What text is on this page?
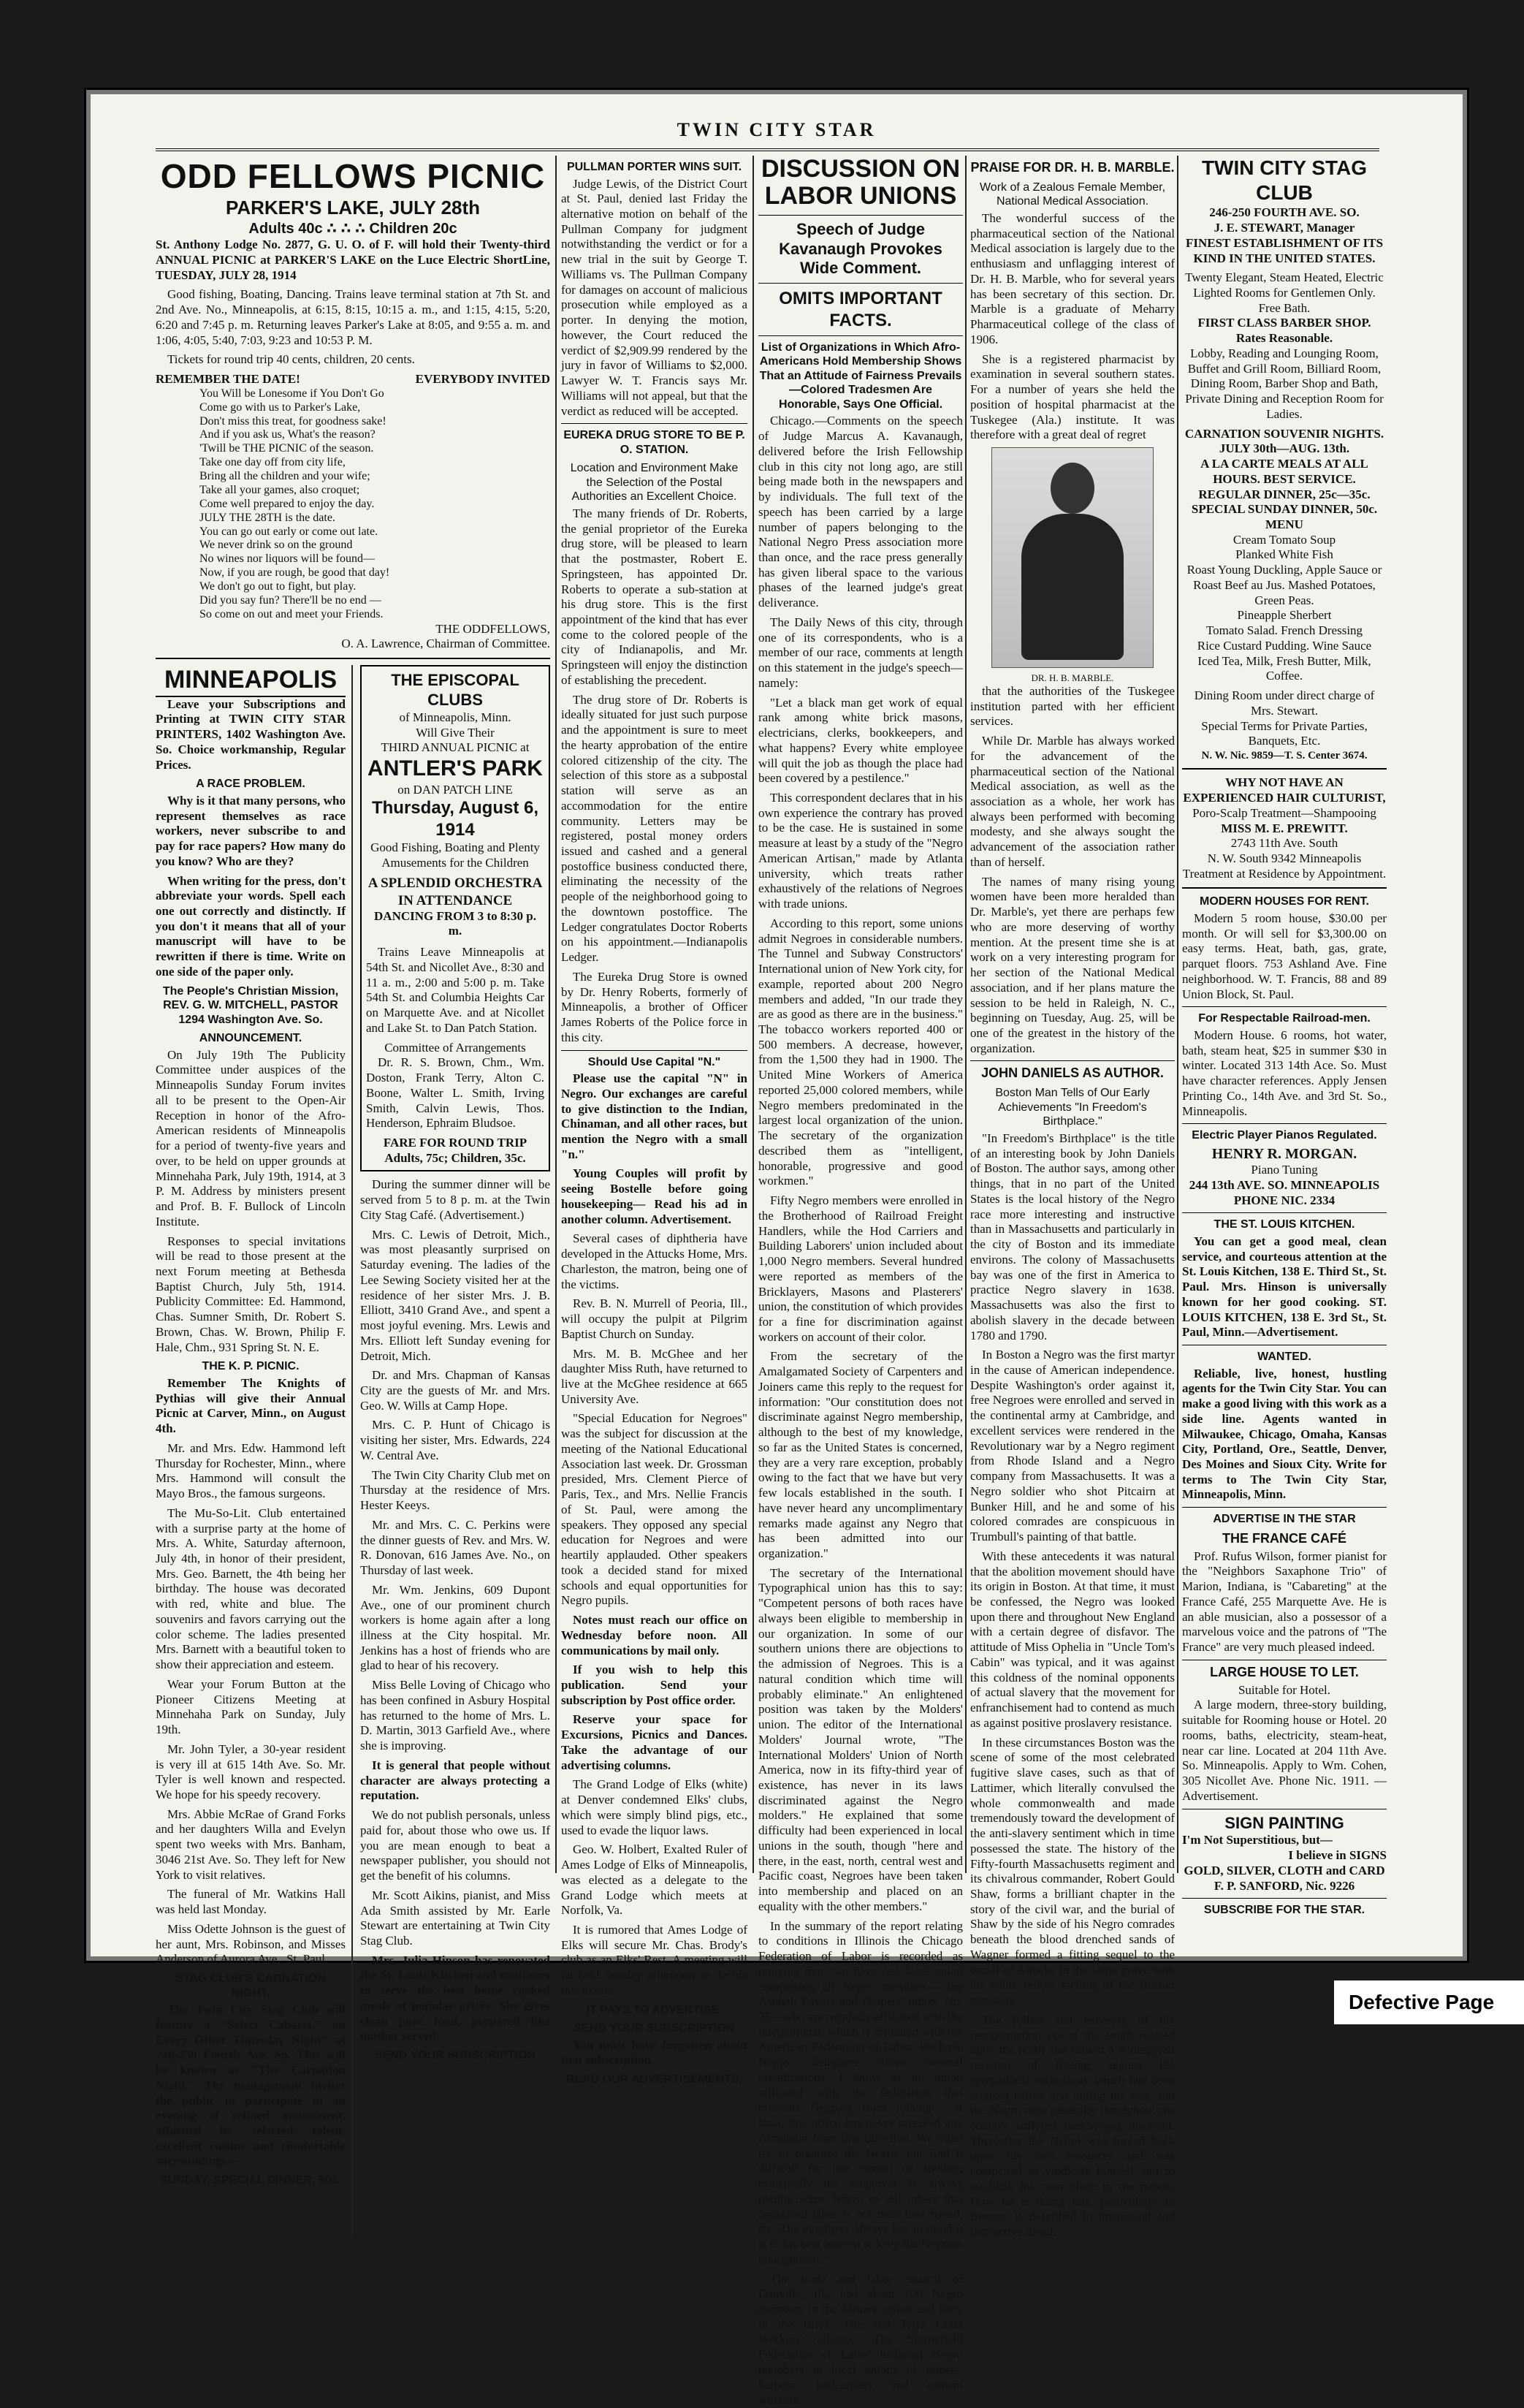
TWIN CITY STAR
ODD FELLOWS PICNIC
PARKER'S LAKE, JULY 28th
Adults 40c ∴ ∴ ∴ Children 20c

St. Anthony Lodge No. 2877, G. U. O. of F. will hold their Twenty-third ANNUAL PICNIC at PARKER'S LAKE on the Luce Electric ShortLine, TUESDAY, JULY 28, 1914

Good fishing, Boating, Dancing. Trains leave terminal station at 7th St. and 2nd Ave. No., Minneapolis, at 6:15, 8:15, 10:15 a. m., and 1:15, 4:15, 5:20, 6:20 and 7:45 p. m. Returning leaves Parker's Lake at 8:05, and 9:55 a. m. and 1:06, 4:05, 5:40, 7:03, 9:23 and 10:53 P. M.

Tickets for round trip 40 cents, children, 20 cents.

REMEMBER THE DATE!	EVERYBODY INVITED
You Will be Lonesome if You Don't Go
Come go with us to Parker's Lake,
Don't miss this treat, for goodness sake!
And if you ask us, What's the reason?
'Twill be THE PICNIC of the season.
Take one day off from city life,
Bring all the children and your wife;
Take all your games, also croquet;
Come well prepared to enjoy the day.
JULY THE 28TH is the date.
You can go out early or come out late.
We never drink so on the ground
No wines nor liquors will be found—
Now, if you are rough, be good that day!
We don't go out to fight, but play.
Did you say fun? There'll be no end —
So come on out and meet your Friends.
THE ODDFELLOWS,
O. A. Lawrence, Chairman of Committee.
MINNEAPOLIS

Leave your Subscriptions and Printing at TWIN CITY STAR PRINTERS, 1402 Washington Ave. So. Choice workmanship, Regular Prices.

A RACE PROBLEM.

Why is it that many persons, who represent themselves as race workers, never subscribe to and pay for race papers? How many do you know? Who are they?

When writing for the press, don't abbreviate your words. Spell each one out correctly and distinctly. If you don't it means that all of your manuscript will have to be rewritten if there is time. Write on one side of the paper only.

The People's Christian Mission, REV. G. W. MITCHELL, PASTOR 1294 Washington Ave. So.
ANNOUNCEMENT.

On July 19th The Publicity Committee under auspices of the Minneapolis Sunday Forum invites all to be present to the Open-Air Reception in honor of the Afro-American residents of Minneapolis for a period of twenty-five years and over, to be held on upper grounds at Minnehaha Park, July 19th, 1914, at 3 P. M. Address by ministers present and Prof. B. F. Bullock of Lincoln Institute.

Responses to special invitations will be read to those present at the next Forum meeting at Bethesda Baptist Church, July 5th, 1914. Publicity Committee: Ed. Hammond, Chas. Sumner Smith, Dr. Robert S. Brown, Chas. W. Brown, Philip F. Hale, Chm., 931 Spring St. N. E.

THE K. P. PICNIC.

Remember The Knights of Pythias will give their Annual Picnic at Carver, Minn., on August 4th.

Mr. and Mrs. Edw. Hammond left Thursday for Rochester, Minn., where Mrs. Hammond will consult the Mayo Bros., the famous surgeons.

The Mu-So-Lit. Club entertained with a surprise party at the home of Mrs. A. White, Saturday afternoon, July 4th, in honor of their president, Mrs. Geo. Barnett, the 4th being her birthday. The house was decorated with red, white and blue. The souvenirs and favors carrying out the color scheme. The ladies presented Mrs. Barnett with a beautiful token to show their appreciation and esteem.

Wear your Forum Button at the Pioneer Citizens Meeting at Minnehaha Park on Sunday, July 19th.

Mr. John Tyler, a 30-year resident is very ill at 615 14th Ave. So. Mr. Tyler is well known and respected. We hope for his speedy recovery.

Mrs. Abbie McRae of Grand Forks and her daughters Willa and Evelyn spent two weeks with Mrs. Banham, 3046 21st Ave. So. They left for New York to visit relatives.

The funeral of Mr. Watkins Hall was held last Monday.

Miss Odette Johnson is the guest of her aunt, Mrs. Robinson, and Misses Anderson of Aurora Ave., St. Paul.

STAG CLUB'S CARNATION NIGHT.

The Twin City Stag Club will feature a "Select Cabaret," on Every Other Thursday Night" at 246-250 Fourth Ave. So. This will be known as "The Carnation Night." The management invites the public to participate in an evening of refined amusement, afforded by selected talent, excellent cuisine and comfortable surroundings—

SUNDAY, SPECIAL DINNER, 50c.
THE EPISCOPAL CLUBS
of Minneapolis, Minn.
Will Give Their
THIRD ANNUAL PICNIC at
ANTLER'S PARK
on DAN PATCH LINE
Thursday, August 6, 1914
Good Fishing, Boating and Plenty Amusements for the Children
A SPLENDID ORCHESTRA IN ATTENDANCE
DANCING FROM 3 to 8:30 p. m.

Trains Leave Minneapolis at 54th St. and Nicollet Ave., 8:30 and 11 a. m., 2:00 and 5:00 p. m. Take 54th St. and Columbia Heights Car on Marquette Ave. and at Nicollet and Lake St. to Dan Patch Station.

Committee of Arrangements

Dr. R. S. Brown, Chm., Wm. Doston, Frank Terry, Alton C. Boone, Walter L. Smith, Irving Smith, Calvin Lewis, Thos. Henderson, Ephraim Bludsoe.

FARE FOR ROUND TRIP
Adults, 75c; Children, 35c.

During the summer dinner will be served from 5 to 8 p. m. at the Twin City Stag Café. (Advertisement.)

Mrs. C. Lewis of Detroit, Mich., was most pleasantly surprised on Saturday evening. The ladies of the Lee Sewing Society visited her at the residence of her sister Mrs. J. B. Elliott, 3410 Grand Ave., and spent a most joyful evening. Mrs. Lewis and Mrs. Elliott left Sunday evening for Detroit, Mich.

Dr. and Mrs. Chapman of Kansas City are the guests of Mr. and Mrs. Geo. W. Wills at Camp Hope.

Mrs. C. P. Hunt of Chicago is visiting her sister, Mrs. Edwards, 224 W. Central Ave.

The Twin City Charity Club met on Thursday at the residence of Mrs. Hester Keeys.

Mr. and Mrs. C. C. Perkins were the dinner guests of Rev. and Mrs. W. R. Donovan, 616 James Ave. No., on Thursday of last week.

Mr. Wm. Jenkins, 609 Dupont Ave., one of our prominent church workers is home again after a long illness at the City hospital. Mr. Jenkins has a host of friends who are glad to hear of his recovery.

Miss Belle Loving of Chicago who has been confined in Asbury Hospital has returned to the home of Mrs. L. D. Martin, 3013 Garfield Ave., where she is improving.

It is general that people without character are always protecting a reputation.

We do not publish personals, unless paid for, about those who owe us. If you are mean enough to beat a newspaper publisher, you should not get the benefit of his columns.

Mr. Scott Aikins, pianist, and Miss Ada Smith assisted by Mr. Earle Stewart are entertaining at Twin City Stag Club.

Mrs. Julia Hinson has renovated the St. Louis Kitchen and continues to serve the best home cooked meals at popular prices. She gives clean pure food, prepared like mother served.

SEND YOUR SUBSCRIPTION
PULLMAN PORTER WINS SUIT.

Judge Lewis, of the District Court at St. Paul, denied last Friday the alternative motion on behalf of the Pullman Company for judgment notwithstanding the verdict or for a new trial in the suit by George T. Williams vs. The Pullman Company for damages on account of malicious prosecution while employed as a porter. In denying the motion, however, the Court reduced the verdict of $2,909.99 rendered by the jury in favor of Williams to $2,000. Lawyer W. T. Francis says Mr. Williams will not appeal, but that the verdict as reduced will be accepted.

EUREKA DRUG STORE TO BE P. O. STATION.
Location and Environment Make the Selection of the Postal Authorities an Excellent Choice.

The many friends of Dr. Roberts, the genial proprietor of the Eureka drug store, will be pleased to learn that the postmaster, Robert E. Springsteen, has appointed Dr. Roberts to operate a sub-station at his drug store. This is the first appointment of the kind that has ever come to the colored people of the city of Indianapolis, and Mr. Springsteen will enjoy the distinction of establishing the precedent.

The drug store of Dr. Roberts is ideally situated for just such purpose and the appointment is sure to meet the hearty approbation of the entire colored citizenship of the city. The selection of this store as a subpostal station will serve as an accommodation for the entire community. Letters may be registered, postal money orders issued and cashed and a general postoffice business conducted there, eliminating the necessity of the people of the neighborhood going to the downtown postoffice. The Ledger congratulates Doctor Roberts on his appointment.—Indianapolis Ledger.

The Eureka Drug Store is owned by Dr. Henry Roberts, formerly of Minneapolis, a brother of Officer James Roberts of the Police force in this city.

Should Use Capital "N."

Please use the capital "N" in Negro. Our exchanges are careful to give distinction to the Indian, Chinaman, and all other races, but mention the Negro with a small "n."

Young Couples will profit by seeing Bostelle before going housekeeping— Read his ad in another column. Advertisement.

Several cases of diphtheria have developed in the Attucks Home, Mrs. Charleston, the matron, being one of the victims.

Rev. B. N. Murrell of Peoria, Ill., will occupy the pulpit at Pilgrim Baptist Church on Sunday.

Mrs. M. B. McGhee and her daughter Miss Ruth, have returned to live at the McGhee residence at 665 University Ave.

"Special Education for Negroes" was the subject for discussion at the meeting of the National Educational Association last week. Dr. Grossman presided, Mrs. Clement Pierce of Paris, Tex., and Mrs. Nellie Francis of St. Paul, were among the speakers. They opposed any special education for Negroes and were heartily applauded. Other speakers took a decided stand for mixed schools and equal opportunities for Negro pupils.

Notes must reach our office on Wednesday before noon. All communications by mail only.

If you wish to help this publication. Send your subscription by Post office order.

Reserve your space for Excursions, Picnics and Dances. Take the advantage of our advertising columns.

The Grand Lodge of Elks (white) at Denver condemned Elks' clubs, which were simply blind pigs, etc., used to evade the liquor laws.

Geo. W. Holbert, Exalted Ruler of Ames Lodge of Elks of Minneapolis, was elected as a delegate to the Grand Lodge which meets at Norfolk, Va.

It is rumored that Ames Lodge of Elks will secure Mr. Chas. Brody's club as an Elks' Rest. A meeting will be held Sunday afternoon to decide this matter.

IT PAYS TO ADVERTISE.
SEND YOUR SUBSCRIPTION

You must have forgotten about that subscription.

READ OUR ADVERTISEMENTS.
DISCUSSION ON
LABOR UNIONS
Speech of Judge Kavanaugh Provokes Wide Comment.
OMITS IMPORTANT FACTS.
List of Organizations in Which Afro-Americans Hold Membership Shows That an Attitude of Fairness Prevails—Colored Tradesmen Are Honorable, Says One Official.

Chicago.—Comments on the speech of Judge Marcus A. Kavanaugh, delivered before the Irish Fellowship club in this city not long ago, are still being made both in the newspapers and by individuals. The full text of the speech has been carried by a large number of papers belonging to the National Negro Press association more than once, and the race press generally has given liberal space to the various phases of the learned judge's great deliverance.

The Daily News of this city, through one of its correspondents, who is a member of our race, comments at length on this statement in the judge's speech—namely:

"Let a black man get work of equal rank among white brick masons, electricians, clerks, bookkeepers, and what happens? Every white employee will quit the job as though the place had been covered by a pestilence."

This correspondent declares that in his own experience the contrary has proved to be the case. He is sustained in some measure at least by a study of the "Negro American Artisan," made by Atlanta university, which treats rather exhaustively of the relations of Negroes with trade unions.

According to this report, some unions admit Negroes in considerable numbers. The Tunnel and Subway Constructors' International union of New York city, for example, reported about 200 Negro members and added, "In our trade they are as good as there are in the business." The tobacco workers reported 400 or 500 members. A decrease, however, from the 1,500 they had in 1900. The United Mine Workers of America reported 25,000 colored members, while Negro members predominated in the largest local organization of the union. The secretary of the organization described them as "intelligent, honorable, progressive and good workmen."

Fifty Negro members were enrolled in the Brotherhood of Railroad Freight Handlers, while the Hod Carriers and Building Laborers' union included about 1,000 Negro members. Several hundred were reported as members of the Bricklayers, Masons and Plasterers' union, the constitution of which provides for a fine for discrimination against workers on account of their color.

From the secretary of the Amalgamated Society of Carpenters and Joiners came this reply to the request for information: "Our constitution does not discriminate against Negro membership, although to the best of my knowledge, so far as the United States is concerned, they are a very rare exception, probably owing to the fact that we have but very few locals established in the south. I have never heard any uncomplimentary remarks made against any Negro that has been admitted into our organization."

The secretary of the International Typographical union has this to say: "Competent persons of both races have always been eligible to membership in our organization. In some of our southern unions there are objections to the admission of Negroes. This is a natural condition which time will probably eliminate." An enlightened position was taken by the Molders' union. The editor of the International Molders' Journal wrote, "The International Molders' Union of North America, now in its fifty-third year of existence, has never in its laws discriminated against the Negro molders." He explained that some difficulty had been experienced in local unions in the south, though "here and there, in the east, north, central west and Pacific coast, Negroes have been taken into membership and placed on an equality with the other members."

In the summary of the report relating to conditions in Illinois the Chicago Federation of Labor is recorded as replying that "we have one local union comprising all Negro members— the Asphalt Pavers and Helpers' union. No. 25—who are regularly affiliated with the international, which is affiliated with the American Federation of Labor. We have Negro delegates from several organizations. I know of no union affiliated with the federation that prevents Negroes from joining— at least, this office has never received any complaint from that direction. We often try to organize the Negro, but find it difficult for one reason or another; principally the employer is always getting some Negro to tell others that organized labor is not their best friend, etc. The employer always has in mind it is to his best interest to keep the Negroes unorganized."

The trade and labor council of Danville, Ill., had about 700 Negro members in the Miners' union and forty in the Brick, Tile and Terra Cotta Workers' alliance. The Springfield Federation of Labor included Negro members in local unions of miners, barbers, hodcarriers and cement workers.

PRAISE FOR DR. H. B. MARBLE.
Work of a Zealous Female Member, National Medical Association.

The wonderful success of the pharmaceutical section of the National Medical association is largely due to the enthusiasm and unflagging interest of Dr. H. B. Marble, who for several years has been secretary of this section. Dr. Marble is a graduate of Meharry Pharmaceutical college of the class of 1906.

She is a registered pharmacist by examination in several southern states. For a number of years she held the position of hospital pharmacist at the Tuskegee (Ala.) institute. It was therefore with a great deal of regret

DR. H. B. MARBLE.

that the authorities of the Tuskegee institution parted with her efficient services.

While Dr. Marble has always worked for the advancement of the pharmaceutical section of the National Medical association, as well as the association as a whole, her work has always been performed with becoming modesty, and she always sought the advancement of the association rather than of herself.

The names of many rising young women have been more heralded than Dr. Marble's, yet there are perhaps few who are more deserving of worthy mention. At the present time she is at work on a very interesting program for her section of the National Medical association, and if her plans mature the session to be held in Raleigh, N. C., beginning on Tuesday, Aug. 25, will be one of the greatest in the history of the organization.

JOHN DANIELS AS AUTHOR.
Boston Man Tells of Our Early Achievements "In Freedom's Birthplace."

"In Freedom's Birthplace" is the title of an interesting book by John Daniels of Boston. The author says, among other things, that in no part of the United States is the local history of the Negro race more interesting and instructive than in Massachusetts and particularly in the city of Boston and its immediate environs. The colony of Massachusetts bay was one of the first in America to practice Negro slavery in 1638. Massachusetts was also the first to abolish slavery in the decade between 1780 and 1790.

In Boston a Negro was the first martyr in the cause of American independence. Despite Washington's order against it, free Negroes were enrolled and served in the continental army at Cambridge, and excellent services were rendered in the Revolutionary war by a Negro regiment from Rhode Island and a Negro company from Massachusetts. It was a Negro soldier who shot Pitcairn at Bunker Hill, and he and some of his colored comrades are conspicuous in Trumbull's painting of that battle.

With these antecedents it was natural that the abolition movement should have its origin in Boston. At that time, it must be confessed, the Negro was looked upon there and throughout New England with a certain degree of disfavor. The attitude of Miss Ophelia in "Uncle Tom's Cabin" was typical, and it was against this coldness of the nominal opponents of actual slavery that the movement for enfranchisement had to contend as much as against positive proslavery resistance.

In these circumstances Boston was the scene of some of the most celebrated fugitive slave cases, such as that of Lattimer, which literally convulsed the whole commonwealth and made tremendously toward the development of the anti-slavery sentiment which in time possessed the state. The history of the Fifty-fourth Massachusetts regiment and its chivalrous commander, Robert Gould Shaw, forms a brilliant chapter in the story of the civil war, and the burial of Shaw by the side of his Negro comrades beneath the blood drenched sands of Wagner formed a fitting sequel to the burial of Attucks in the same grave with his white fellow victims of the Boston massacre.

The follies and excesses of the reconstruction era at the south reacted upon the north and caused a widespread revision of feeling against the sympathetic enthusiasm which had been aroused before and during the war, and the Negro race generally throughout the country suffered undeserved discredit. Thereafter the Negro was forced back upon his own resources and was compelled to vindicate himself and to establish his own place in the nation. How he is doing this, particularly in Boston, is described in interesting and instructive detail.

TWIN CITY STAG CLUB
246-250 FOURTH AVE. SO.
J. E. STEWART, Manager
FINEST ESTABLISHMENT OF ITS KIND IN THE UNITED STATES.
Twenty Elegant, Steam Heated, Electric Lighted Rooms for Gentlemen Only. Free Bath.
FIRST CLASS BARBER SHOP. Rates Reasonable.
Lobby, Reading and Lounging Room, Buffet and Grill Room, Billiard Room, Dining Room, Barber Shop and Bath, Private Dining and Reception Room for Ladies.
CARNATION SOUVENIR NIGHTS. JULY 30th—AUG. 13th.
A LA CARTE MEALS AT ALL HOURS. BEST SERVICE.
REGULAR DINNER, 25c—35c.
SPECIAL SUNDAY DINNER, 50c.
MENU
Cream Tomato Soup
Planked White Fish
Roast Young Duckling, Apple Sauce or Roast Beef au Jus. Mashed Potatoes, Green Peas.
Pineapple Sherbert
Tomato Salad. French Dressing
Rice Custard Pudding. Wine Sauce
Iced Tea, Milk, Fresh Butter, Milk, Coffee.
Dining Room under direct charge of Mrs. Stewart.
Special Terms for Private Parties, Banquets, Etc.
N. W. Nic. 9859—T. S. Center 3674.
WHY NOT HAVE AN EXPERIENCED HAIR CULTURIST,
Poro-Scalp Treatment—Shampooing
MISS M. E. PREWITT.
2743 11th Ave. South
N. W. South 9342 Minneapolis Treatment at Residence by Appointment.
MODERN HOUSES FOR RENT.

Modern 5 room house, $30.00 per month. Or will sell for $3,300.00 on easy terms. Heat, bath, gas, grate, parquet floors. 753 Ashland Ave. Fine neighborhood. W. T. Francis, 88 and 89 Union Block, St. Paul.

For Respectable Railroad-men.

Modern House. 6 rooms, hot water, bath, steam heat, $25 in summer $30 in winter. Located 313 14th Ace. So. Must have character references. Apply Jensen Printing Co., 14th Ave. and 3rd St. So., Minneapolis.

Electric Player Pianos Regulated.
HENRY R. MORGAN.
Piano Tuning
244 13th AVE. SO. MINNEAPOLIS
PHONE NIC. 2334
THE ST. LOUIS KITCHEN.

You can get a good meal, clean service, and courteous attention at the St. Louis Kitchen, 138 E. Third St., St. Paul. Mrs. Hinson is universally known for her good cooking. ST. LOUIS KITCHEN, 138 E. 3rd St., St. Paul, Minn.—Advertisement.

WANTED.

Reliable, live, honest, hustling agents for the Twin City Star. You can make a good living with this work as a side line. Agents wanted in Milwaukee, Chicago, Omaha, Kansas City, Portland, Ore., Seattle, Denver, Des Moines and Sioux City. Write for terms to The Twin City Star, Minneapolis, Minn.

ADVERTISE IN THE STAR
THE FRANCE CAFÉ

Prof. Rufus Wilson, former pianist for the "Neighbors Saxaphone Trio" of Marion, Indiana, is "Cabareting" at the France Café, 255 Marquette Ave. He is an able musician, also a possessor of a marvelous voice and the patrons of "The France" are very much pleased indeed.

LARGE HOUSE TO LET.
Suitable for Hotel.

A large modern, three-story building, suitable for Rooming house or Hotel. 20 rooms, baths, electricity, steam-heat, near car line. Located at 204 11th Ave. So. Minneapolis. Apply to Wm. Cohen, 305 Nicollet Ave. Phone Nic. 1911. —Advertisement.

SIGN PAINTING
I'm Not Superstitious, but—
I believe in SIGNS
GOLD, SILVER, CLOTH and CARD
F. P. SANFORD, Nic. 9226
SUBSCRIBE FOR THE STAR.
Defective Page
